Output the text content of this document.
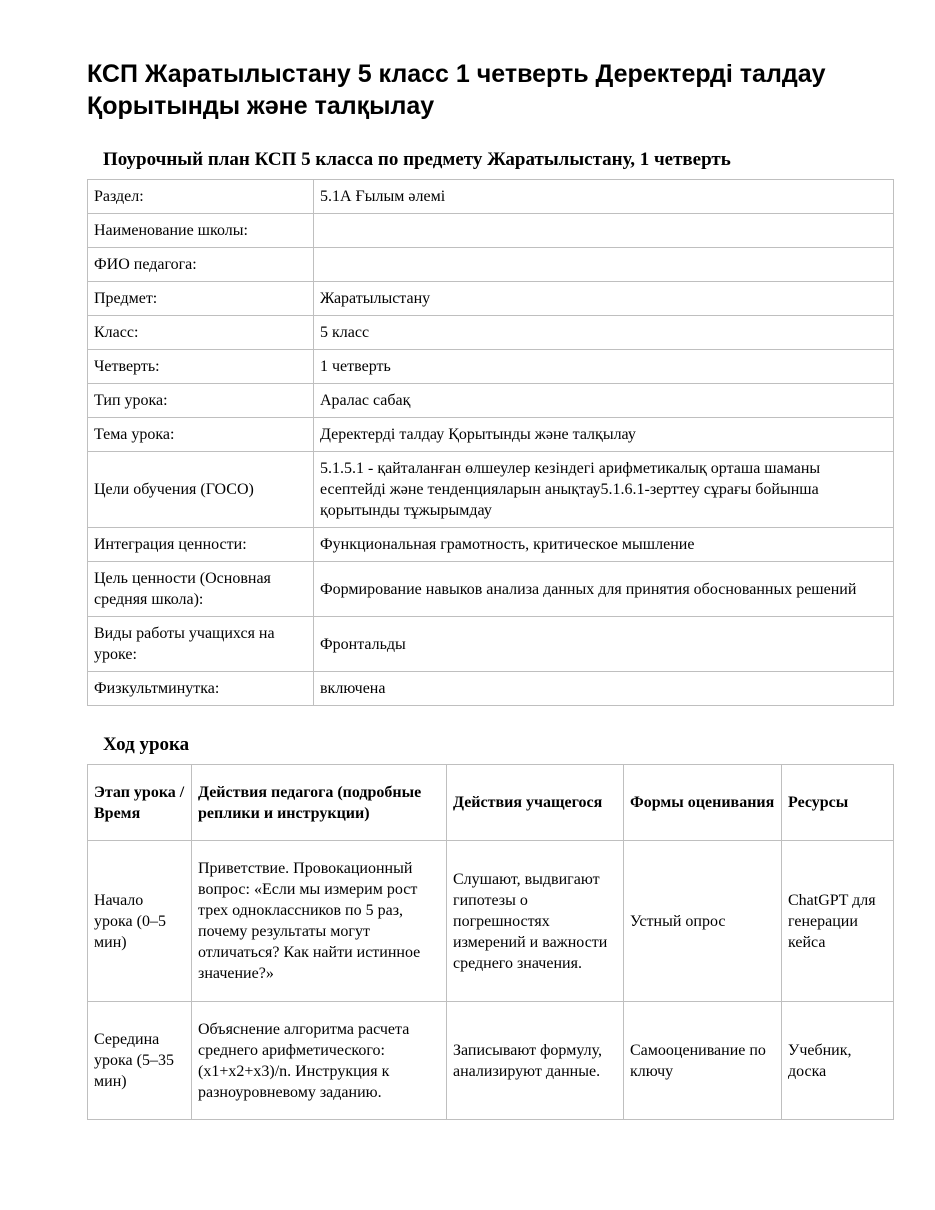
КСП Жаратылыстану 5 класс 1 четверть Деректерді талдау Қорытынды және талқылау
Поурочный план КСП 5 класса по предмету Жаратылыстану, 1 четверть
Раздел:	5.1А Ғылым әлемі
Наименование школы:	
ФИО педагога:	
Предмет:	Жаратылыстану
Класс:	5 класс
Четверть:	1 четверть
Тип урока:	Аралас сабақ
Тема урока:	Деректерді талдау Қорытынды және талқылау
Цели обучения (ГОСО)	5.1.5.1 - қайталанған өлшеулер кезіндегі арифметикалық орташа шаманы есептейді және тенденцияларын анықтау5.1.6.1-зерттеу сұрағы бойынша қорытынды тұжырымдау
Интеграция ценности:	Функциональная грамотность, критическое мышление
Цель ценности (Основная средняя школа):	Формирование навыков анализа данных для принятия обоснованных решений
Виды работы учащихся на уроке:	Фронтальды
Физкультминутка:	включена
Ход урока
Этап урока / Время	Действия педагога (подробные реплики и инструкции)	Действия учащегося	Формы оценивания	Ресурсы
Начало урока (0–5 мин)	Приветствие. Провокационный вопрос: «Если мы измерим рост трех одноклассников по 5 раз, почему результаты могут отличаться? Как найти истинное значение?»	Слушают, выдвигают гипотезы о погрешностях измерений и важности среднего значения.	Устный опрос	ChatGPT для генерации кейса
Середина урока (5–35 мин)	Объяснение алгоритма расчета среднего арифметического: (x1+x2+x3)/n. Инструкция к разноуровневому заданию.	Записывают формулу, анализируют данные.	Самооценивание по ключу	Учебник, доска
